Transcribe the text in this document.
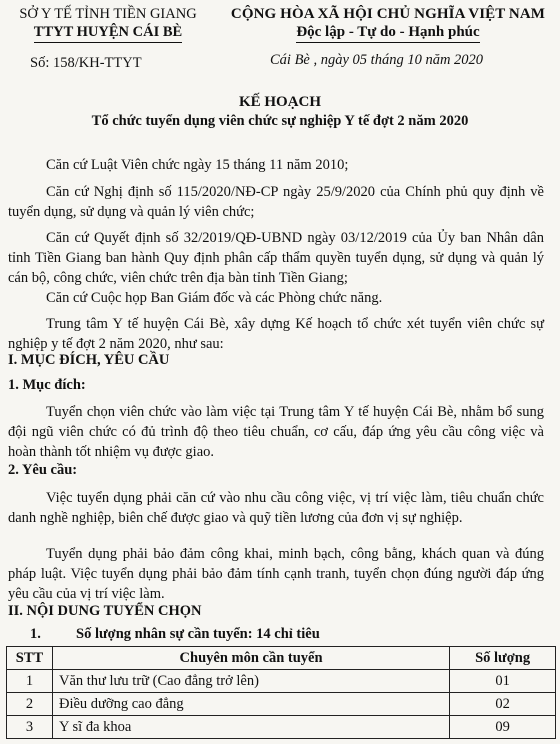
SỞ Y TẾ TỈNH TIỀN GIANG
TTYT HUYỆN CÁI BÈ
CỘNG HÒA XÃ HỘI CHỦ NGHĨA VIỆT NAM
Độc lập - Tự do - Hạnh phúc
Số: 158/KH-TTYT	Cái Bè , ngày 05 tháng 10 năm 2020
KẾ HOẠCH
Tổ chức tuyển dụng viên chức sự nghiệp Y tế đợt 2 năm 2020
Căn cứ Luật Viên chức ngày 15 tháng 11 năm 2010;
Căn cứ Nghị định số 115/2020/NĐ-CP ngày 25/9/2020 của Chính phủ quy định về tuyển dụng, sử dụng và quản lý viên chức;
Căn cứ Quyết định số 32/2019/QĐ-UBND ngày 03/12/2019 của Ủy ban Nhân dân tỉnh Tiền Giang ban hành Quy định phân cấp thẩm quyền tuyển dụng, sử dụng và quản lý cán bộ, công chức, viên chức trên địa bàn tỉnh Tiền Giang;
Căn cứ Cuộc họp Ban Giám đốc và các Phòng chức năng.
Trung tâm Y tế huyện Cái Bè, xây dựng Kế hoạch tổ chức xét tuyển viên chức sự nghiệp y tế đợt 2 năm 2020, như sau:
I. MỤC ĐÍCH, YÊU CẦU
1. Mục đích:
Tuyển chọn viên chức vào làm việc tại Trung tâm Y tế huyện Cái Bè, nhằm bổ sung đội ngũ viên chức có đủ trình độ theo tiêu chuẩn, cơ cấu, đáp ứng yêu cầu công việc và hoàn thành tốt nhiệm vụ được giao.
2. Yêu cầu:
Việc tuyển dụng phải căn cứ vào nhu cầu công việc, vị trí việc làm, tiêu chuẩn chức danh nghề nghiệp, biên chế được giao và quỹ tiền lương của đơn vị sự nghiệp.
Tuyển dụng phải bảo đảm công khai, minh bạch, công bằng, khách quan và đúng pháp luật. Việc tuyển dụng phải bảo đảm tính cạnh tranh, tuyển chọn đúng người đáp ứng yêu cầu của vị trí việc làm.
II. NỘI DUNG TUYỂN CHỌN
1. Số lượng nhân sự cần tuyển: 14 chỉ tiêu
STT	Chuyên môn cần tuyển	Số lượng
1	Văn thư lưu trữ (Cao đẳng trở lên)	01
2	Điều dưỡng cao đẳng	02
3	Y sĩ đa khoa	09
